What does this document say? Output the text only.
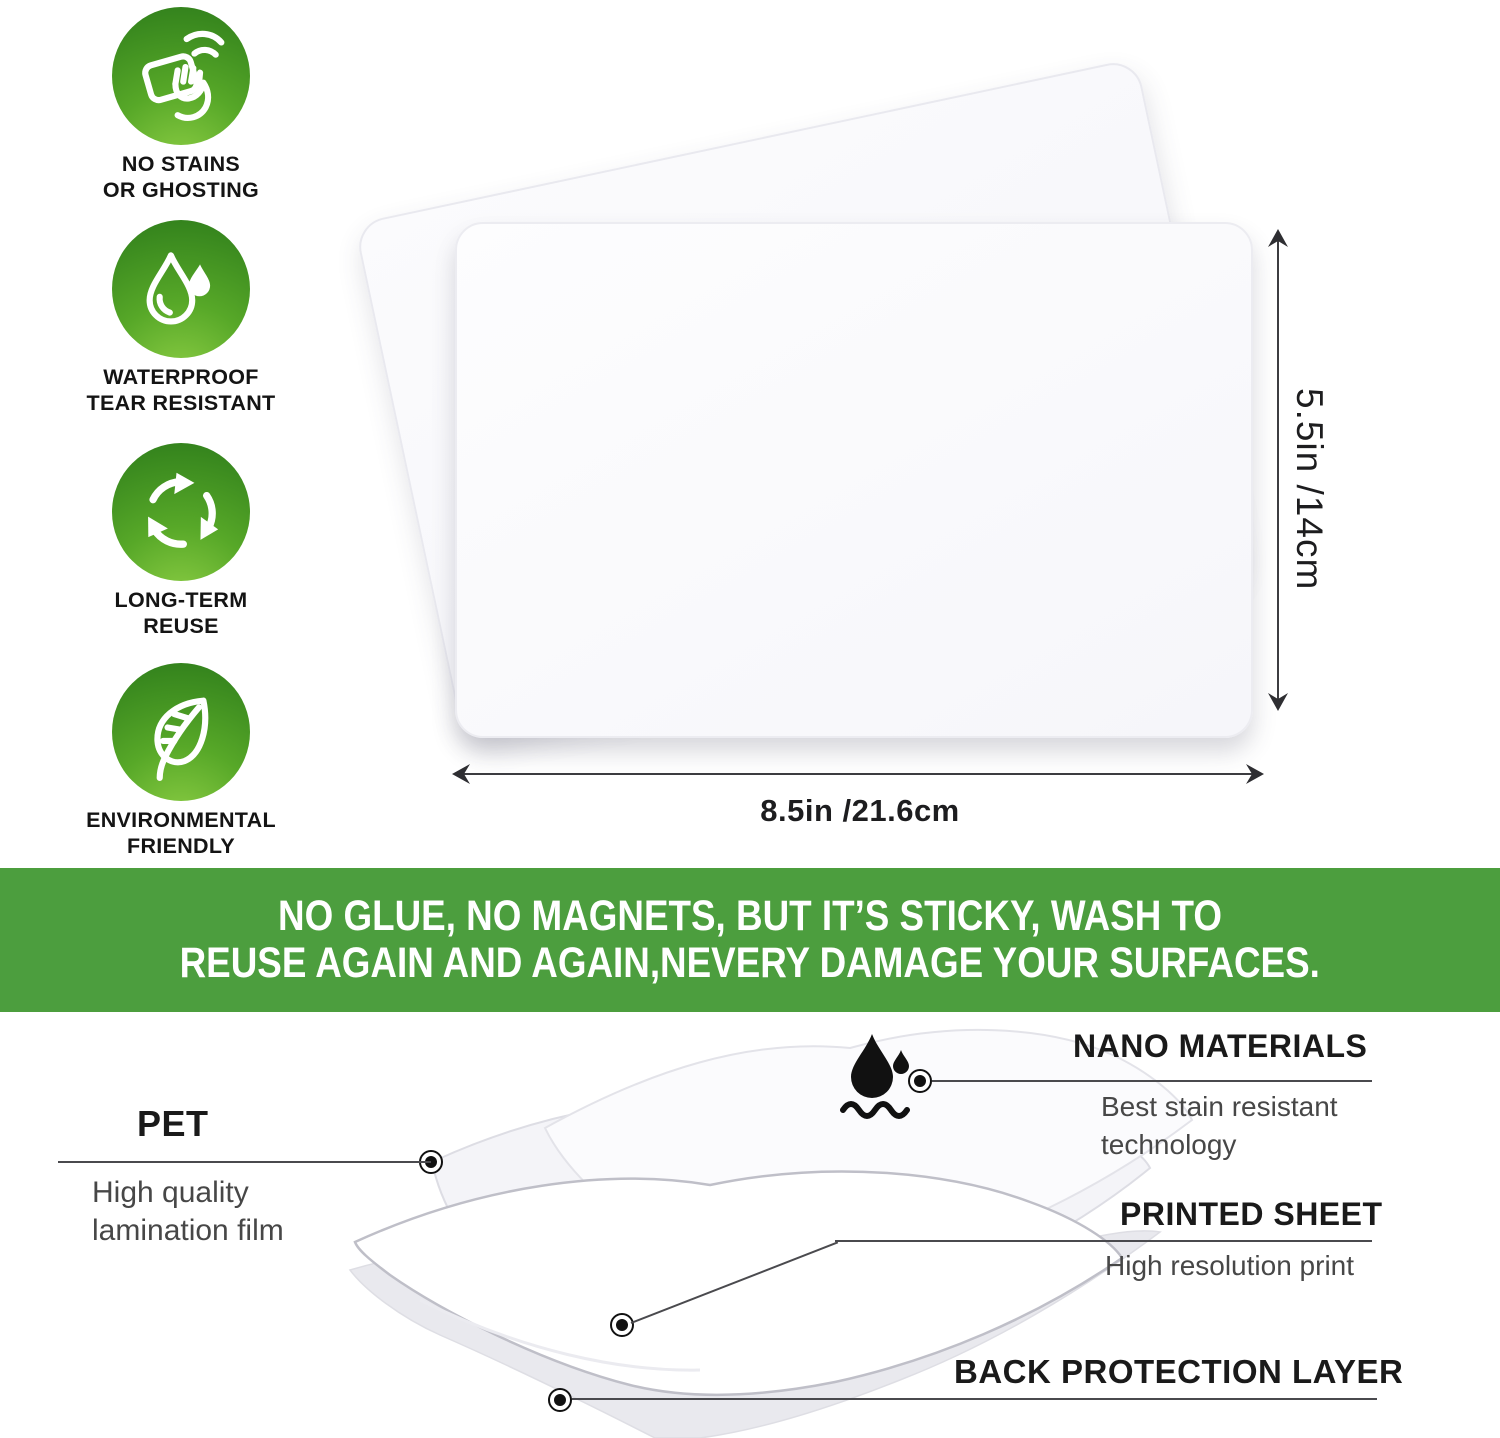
NO STAINS
OR GHOSTING
WATERPROOF
TEAR RESISTANT
LONG-TERM
REUSE
ENVIRONMENTAL
FRIENDLY
5.5in /14cm
8.5in /21.6cm
NO GLUE, NO MAGNETS, BUT IT’S STICKY, WASH TO
REUSE AGAIN AND AGAIN,NEVERY DAMAGE YOUR SURFACES.
PET
High quality
lamination film
NANO MATERIALS
Best stain resistant
technology
PRINTED SHEET
High resolution print
BACK PROTECTION LAYER
